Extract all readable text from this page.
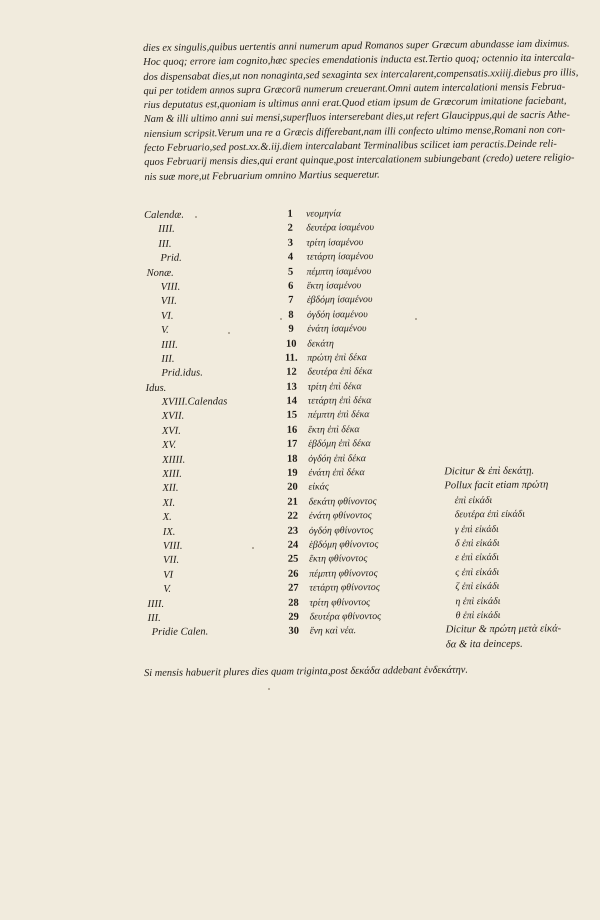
dies ex singulis,quibus uertentis anni numerum apud Romanos super Græcum abundasse iam diximus.
Hoc quoq; errore iam cognito,hæc species emendationis inducta est.Tertio quoq; octennio ita intercala-
dos dispensabat dies,ut non nonaginta,sed sexaginta sex intercalarent,compensatis.xxiiij.diebus pro illis,
qui per totidem annos supra Græcorū numerum creuerant.Omni autem intercalationi mensis Februa-
rius deputatus est,quoniam is ultimus anni erat.Quod etiam ipsum de Græcorum imitatione faciebant,
Nam & illi ultimo anni sui mensi,superfluos interserebant dies,ut refert Glaucippus,qui de sacris Athe-
niensium scripsit.Verum una re a Græcis differebant,nam illi confecto ultimo mense,Romani non con-
fecto Februario,sed post.xx.&.iij.diem intercalabant Terminalibus scilicet iam peractis.Deinde reli-
quos Februarij mensis dies,qui erant quinque,post intercalationem subiungebant (credo) uetere religio-
nis suæ more,ut Februarium omnino Martius sequeretur.
Calendæ.	1	νεομηνία
IIII.	2	δευτέρα ἱσαμένου
III.	3	τρίτη ἱσαμένου
Prid.	4	τετάρτη ἱσαμένου
Nonæ.	5	πέμπτη ἱσαμένου
VIII.	6	ἕκτη ἱσαμένου
VII.	7	ἑβδόμη ἱσαμένου
VI.	8	ὀγδόη ἱσαμένου
V.	9	ἐνάτη ἱσαμένου
IIII.	10	δεκάτη
III.	11. πρώτη ἐπὶ δέκα
Prid.idus.	12	δευτέρα ἐπὶ δέκα
Idus.	13	τρίτη ἐπὶ δέκα
XVIII.Calendas	14	τετάρτη ἐπὶ δέκα
XVII.	15	πέμπτη ἐπὶ δέκα
XVI.	16	ἕκτη ἐπὶ δέκα
XV.	17	ἑβδόμη ἐπὶ δέκα
XIIII.	18	ὀγδόη ἐπὶ δέκα
XIII.	19	ἐνάτη ἐπὶ δέκα	Dicitur & ἐπὶ δεκάτῃ.
XII.	20	εἰκάς	Pollux facit etiam πρώτη
XI.	21	δεκάτη φθίνοντος	ἐπὶ εἰκάδι
X.	22	ἐνάτη φθίνοντος	δευτέρα ἐπὶ εἰκάδι
IX.	23	ὀγδόη φθίνοντος	γ ἐπὶ εἰκάδι
VIII.	24	ἑβδόμη φθίνοντος	δ ἐπὶ εἰκάδι
VII.	25	ἕκτη φθίνοντος	ε ἐπὶ εἰκάδι
VI	26	πέμπτη φθίνοντος	ς ἐπὶ εἰκάδι
V.	27	τετάρτη φθίνοντος	ζ ἐπὶ εἰκάδι
IIII.	28	τρίτη φθίνοντος	η ἐπὶ εἰκάδι
III.	29	δευτέρα φθίνοντος	θ ἐπὶ εἰκάδι
Pridie Calen.	30	ἕνη καὶ νέα.	Dicitur & πρώτη μετὰ εἰκά-
δα & ita deinceps.
Si mensis habuerit plures dies quam triginta,post δεκάδα addebant ἑνδεκάτην.
